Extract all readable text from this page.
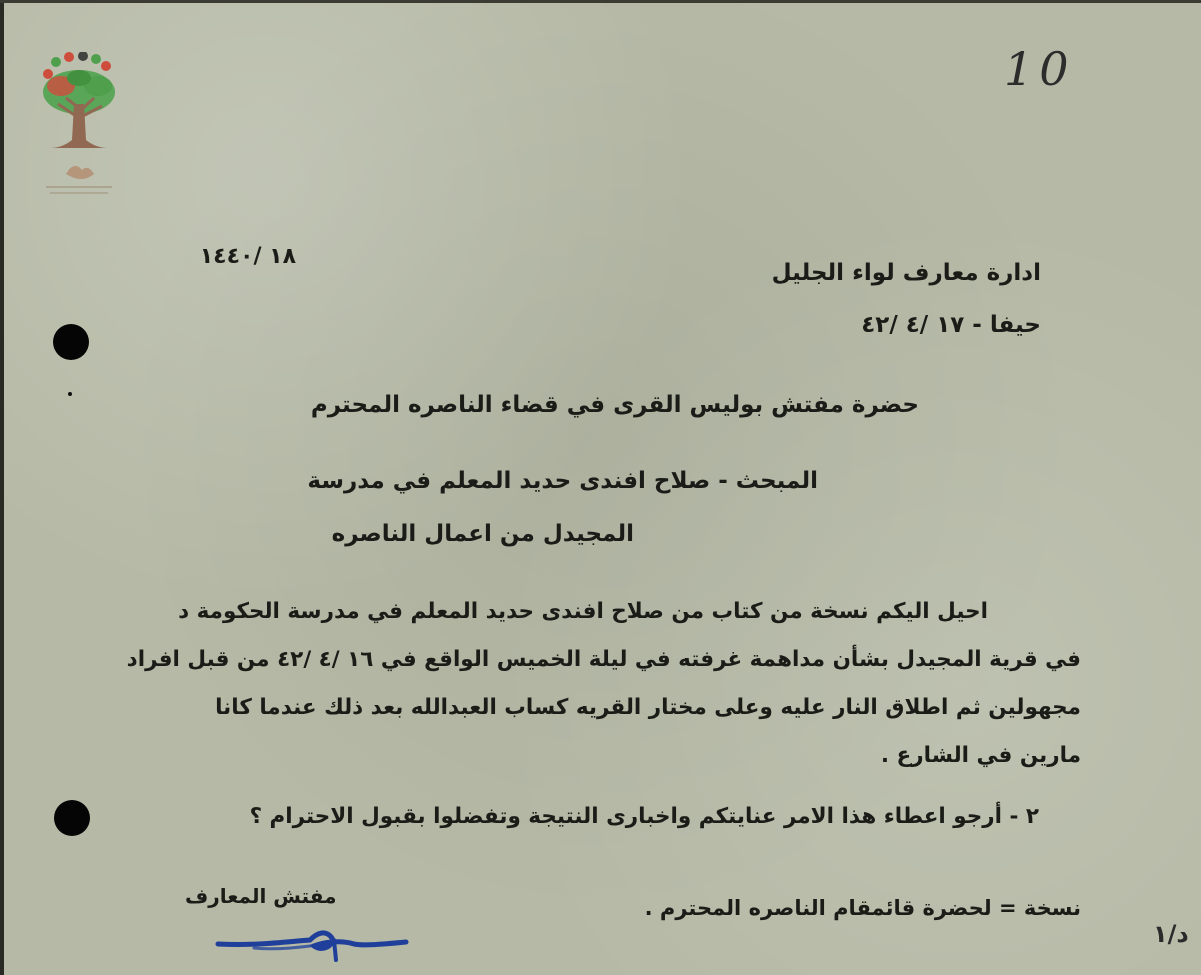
10
١٨ /١٤٤٠
ادارة معارف لواء الجليل
حيفا - ١٧ /٤ /٤٢
حضرة مفتش بوليس القرى في قضاء الناصره المحترم
المبحث - صلاح افندى حديد المعلم في مدرسة
المجيدل من اعمال الناصره
احيل اليكم نسخة من كتاب من صلاح افندى حديد المعلم في مدرسة الحكومة د
في قرية المجيدل بشأن مداهمة غرفته في ليلة الخميس الواقع في ١٦ /٤ /٤٢ من قبل افراد
مجهولين ثم اطلاق النار عليه وعلى مختار القريه كساب العبدالله بعد ذلك عندما كانا
مارين في الشارع .
٢ - أرجو اعطاء هذا الامر عنايتكم واخبارى النتيجة وتفضلوا بقبول الاحترام ؟
مفتش المعارف	نسخة = لحضرة قائمقام الناصره المحترم .
د/١
